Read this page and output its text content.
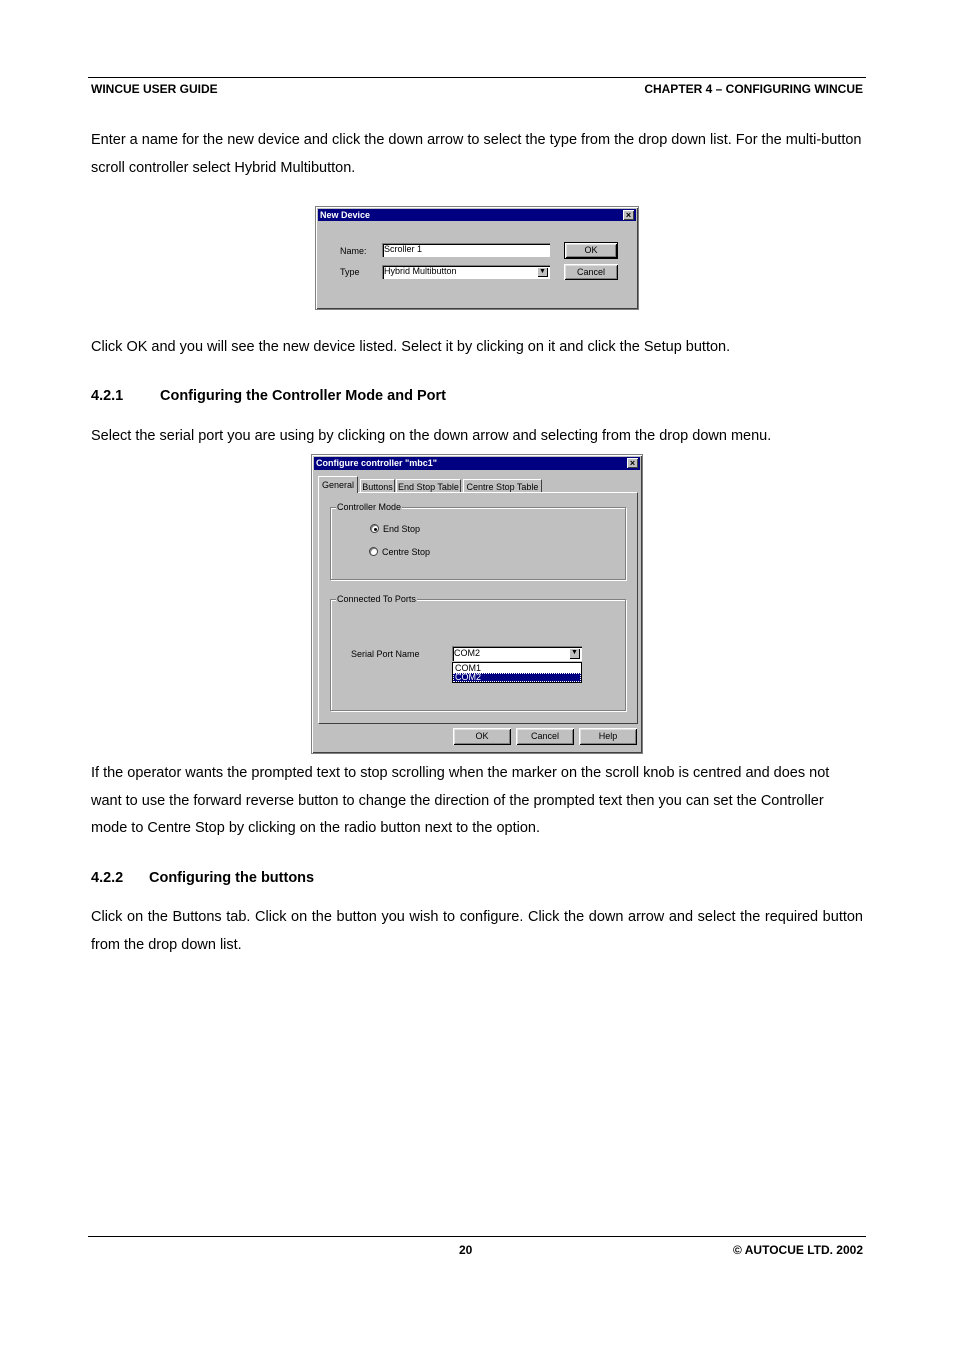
WINCUE USER GUIDE	CHAPTER 4 – CONFIGURING WINCUE
Enter a name for the new device and click the down arrow to select the type from the drop down list. For the multi-button scroll controller select Hybrid Multibutton.
New Device	×
Name: Scroller 1
Type	Hybrid Multibutton	▼
OK
Cancel
Click OK and you will see the new device listed. Select it by clicking on it and click the Setup button.
4.2.1	Configuring the Controller Mode and Port
Select the serial port you are using by clicking on the down arrow and selecting from the drop down menu.
Configure controller "mbc1"	×
General Buttons End Stop Table Centre Stop Table
Controller Mode
End Stop
Centre Stop
Connected To Ports
Serial Port Name	COM2	▼
COM1
COM2
OK	Cancel	Help
If the operator wants the prompted text to stop scrolling when the marker on the scroll knob is centred and does not want to use the forward reverse button to change the direction of the prompted text then you can set the Controller mode to Centre Stop by clicking on the radio button next to the option.
4.2.2 Configuring the buttons
Click on the Buttons tab. Click on the button you wish to configure. Click the down arrow and select the required button from the drop down list.
20	© AUTOCUE LTD. 2002
